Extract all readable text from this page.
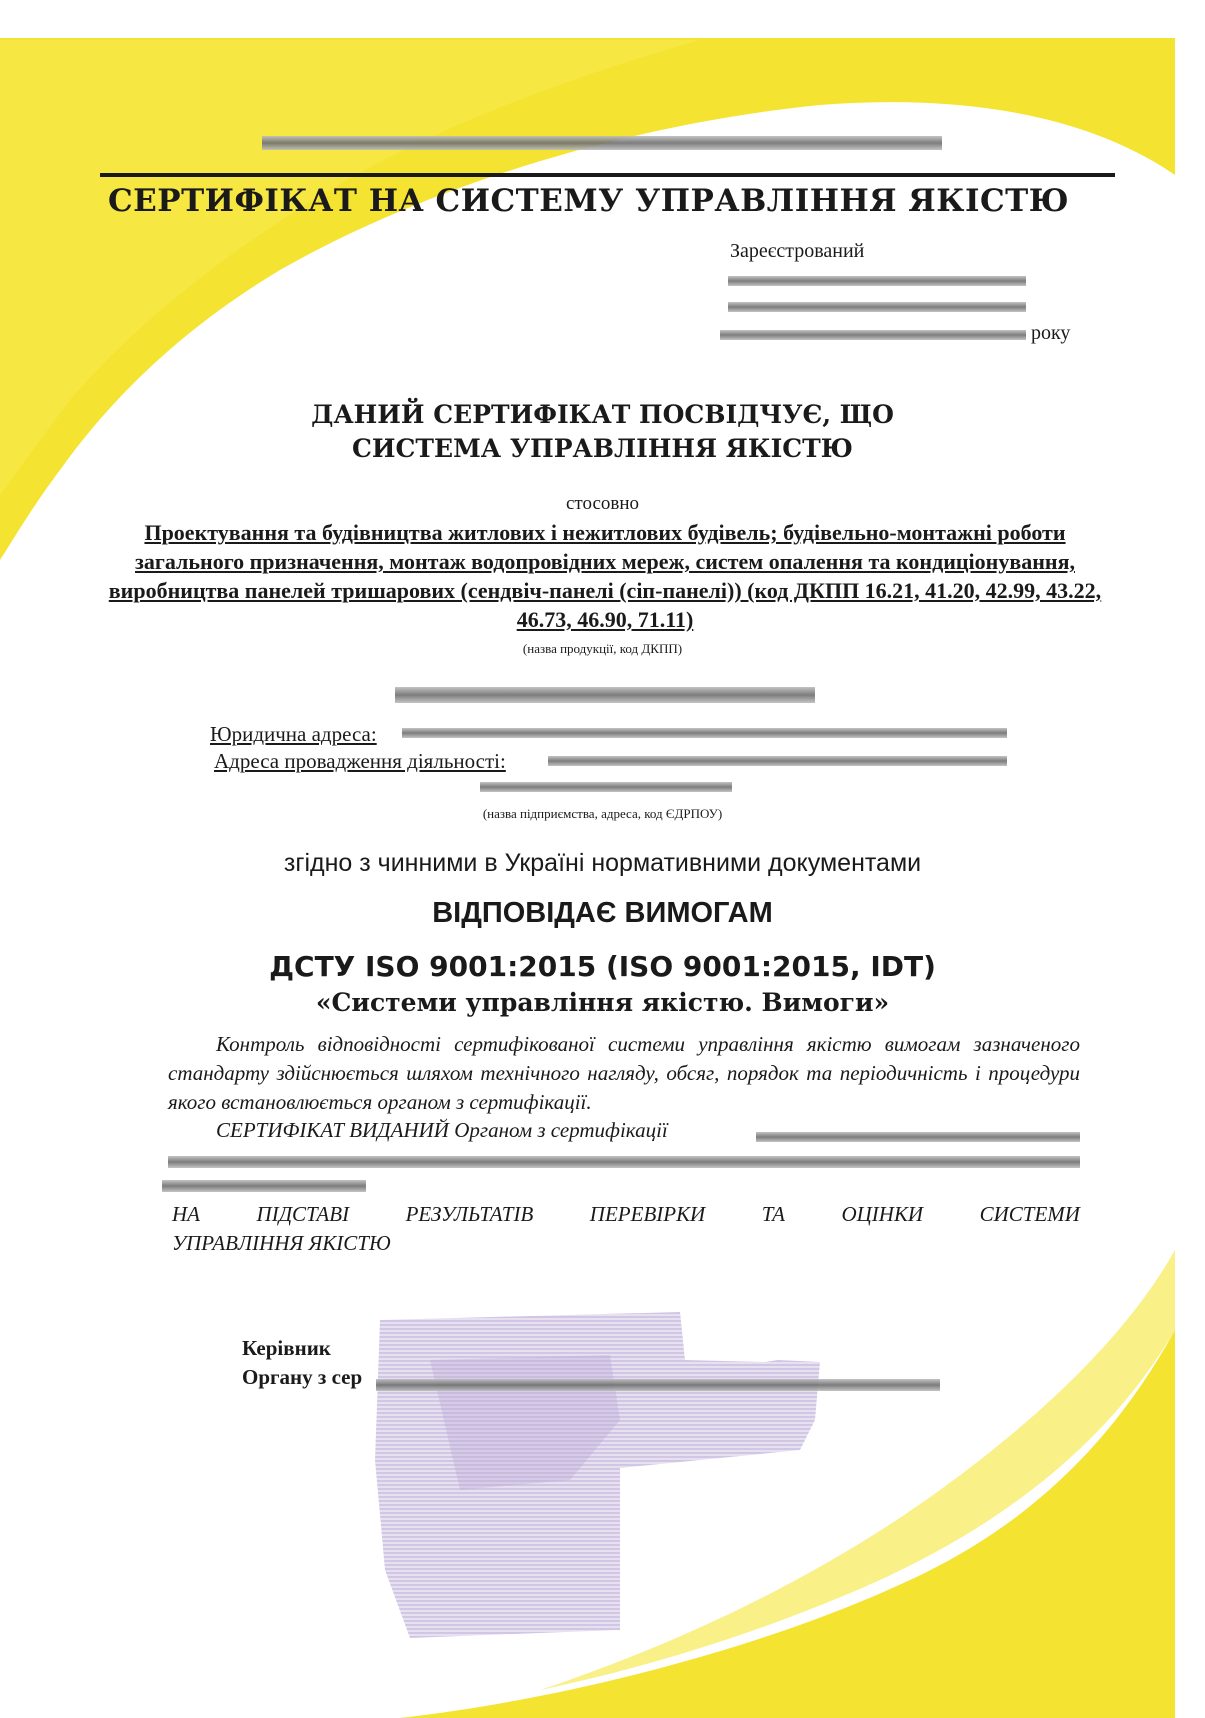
СЕРТИФІКАТ НА СИСТЕМУ УПРАВЛІННЯ ЯКІСТЮ
Зареєстрований
року
ДАНИЙ СЕРТИФІКАТ ПОСВІДЧУЄ, ЩО
СИСТЕМА УПРАВЛІННЯ ЯКІСТЮ
стосовно
Проектування та будівництва житлових і нежитлових будівель; будівельно-монтажні роботи загального призначення, монтаж водопровідних мереж, систем опалення та кондиціонування, виробництва панелей тришарових (сендвіч-панелі (сіп-панелі)) (код ДКПП 16.21, 41.20, 42.99, 43.22, 46.73, 46.90, 71.11)
(назва продукції, код ДКПП)
Юридична адреса:
Адреса провадження діяльності:
(назва підприємства, адреса, код ЄДРПОУ)
згідно з чинними в Україні нормативними документами
ВІДПОВІДАЄ ВИМОГАМ
ДСТУ ISO 9001:2015 (ISO 9001:2015, IDT)
«Системи управління якістю. Вимоги»
Контроль відповідності сертифікованої системи управління якістю вимогам зазначеного стандарту здійснюється шляхом технічного нагляду, обсяг, порядок та періодичність і процедури якого встановлюється органом з сертифікації.
СЕРТИФІКАТ ВИДАНИЙ Органом з сертифікації
НА	ПІДСТАВІ	РЕЗУЛЬТАТІВ	ПЕРЕВІРКИ	ТА	ОЦІНКИ	СИСТЕМИ
УПРАВЛІННЯ ЯКІСТЮ
Керівник
Органу з сер
